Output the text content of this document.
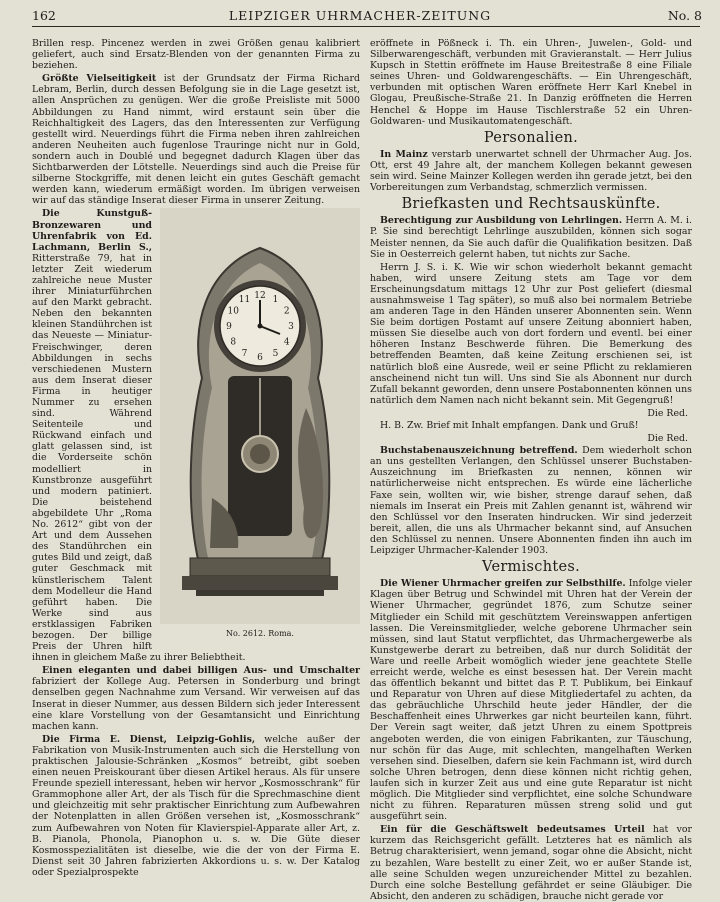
162	LEIPZIGER UHRMACHER-ZEITUNG	No. 8

Brillen resp. Pincenez werden in zwei Größen genau kalibriert geliefert, auch sind Ersatz-Blenden von der genannten Firma zu beziehen.

Größte Vielseitigkeit ist der Grundsatz der Firma Richard Lebram, Berlin, durch dessen Befolgung sie in die Lage gesetzt ist, allen Ansprüchen zu genügen. Wer die große Preisliste mit 5000 Abbildungen zu Hand nimmt, wird erstaunt sein über die Reichhaltigkeit des Lagers, das den Interessenten zur Verfügung gestellt wird. Neuerdings führt die Firma neben ihren zahlreichen anderen Neuheiten auch fugenlose Trauringe nicht nur in Gold, sondern auch in Doublé und begegnet dadurch Klagen über das Sichtbarwerden der Lötstelle. Neuerdings sind auch die Preise für silberne Stockgriffe, mit denen leicht ein gutes Geschäft gemacht werden kann, wiederum ermäßigt worden. Im übrigen verweisen wir auf das ständige Inserat dieser Firma in unserer Zeitung.

12 1
2
3
4
5
6
7
8
9
10
11
No. 2612. Roma.

Die Kunstguß-Bronzewaren und Uhrenfabrik von Ed. Lachmann, Berlin S., Ritterstraße 79, hat in letzter Zeit wiederum zahlreiche neue Muster ihrer Miniaturführchen auf den Markt gebracht. Neben den bekannten kleinen Standührchen ist das Neueste — Miniatur-Freischwinger, deren Abbildungen in sechs verschiedenen Mustern aus dem Inserat dieser Firma in heutiger Nummer zu ersehen sind. Während Seitenteile und Rückwand einfach und glatt gelassen sind, ist die Vorderseite schön modelliert in Kunstbronze ausgeführt und modern patiniert. Die beistehend abgebildete Uhr „Roma No. 2612“ gibt von der Art und dem Aussehen des Standührchen ein gutes Bild und zeigt, daß guter Geschmack mit künstlerischem Talent dem Modelleur die Hand geführt haben. Die Werke sind aus erstklassigen Fabriken bezogen. Der billige Preis der Uhren hilft ihnen in gleichem Maße zu ihrer Beliebtheit.

Einen eleganten und dabei billigen Aus- und Umschalter fabriziert der Kollege Aug. Petersen in Sonderburg und bringt denselben gegen Nachnahme zum Versand. Wir verweisen auf das Inserat in dieser Nummer, aus dessen Bildern sich jeder Interessent eine klare Vorstellung von der Gesamtansicht und Einrichtung machen kann.

Die Firma E. Dienst, Leipzig-Gohlis, welche außer der Fabrikation von Musik-Instrumenten auch sich die Herstellung von praktischen Jalousie-Schränken „Kosmos“ betreibt, gibt soeben einen neuen Preiskourant über diesen Artikel heraus. Als für unsere Freunde speziell interessant, heben wir hervor „Kosmosschrank“ für Grammophone aller Art, der als Tisch für die Sprechmaschine dient und gleichzeitig mit sehr praktischer Einrichtung zum Aufbewahren der Notenplatten in allen Größen versehen ist, „Kosmosschrank“ zum Aufbewahren von Noten für Klavierspiel-Apparate aller Art, z. B. Pianola, Phonola, Pianophon u. s. w. Die Güte dieser Kosmosspezialitäten ist dieselbe, wie die der von der Firma E. Dienst seit 30 Jahren fabrizierten Akkordions u. s. w. Der Katalog oder Spezialprospekte

eröffnete in Pößneck i. Th. ein Uhren-, Juwelen-, Gold- und Silberwarengeschäft, verbunden mit Gravieranstalt. — Herr Julius Kupsch in Stettin eröffnete im Hause Breitestraße 8 eine Filiale seines Uhren- und Goldwarengeschäfts. — Ein Uhrengeschäft, verbunden mit optischen Waren eröffnete Herr Karl Knebel in Glogau, Preußische-Straße 21. In Danzig eröffneten die Herren Henchel & Hoppe im Hause Tischlerstraße 52 ein Uhren-Goldwaren- und Musikautomatengeschäft.

Personalien.

In Mainz verstarb unerwartet schnell der Uhrmacher Aug. Jos. Ott, erst 49 Jahre alt, der manchem Kollegen bekannt gewesen sein wird. Seine Mainzer Kollegen werden ihn gerade jetzt, bei den Vorbereitungen zum Verbandstag, schmerzlich vermissen.

Briefkasten und Rechtsauskünfte.

Berechtigung zur Ausbildung von Lehrlingen. Herrn A. M. i. P. Sie sind berechtigt Lehrlinge auszubilden, können sich sogar Meister nennen, da Sie auch dafür die Qualifikation besitzen. Daß Sie in Oesterreich gelernt haben, tut nichts zur Sache.

Herrn J. S. i. K. Wie wir schon wiederholt bekannt gemacht haben, wird unsere Zeitung stets am Tage vor dem Erscheinungsdatum mittags 12 Uhr zur Post geliefert (diesmal ausnahmsweise 1 Tag später), so muß also bei normalem Betriebe am anderen Tage in den Händen unserer Abonnenten sein. Wenn Sie beim dortigen Postamt auf unsere Zeitung abonniert haben, müssen Sie dieselbe auch von dort fordern und eventl. bei einer höheren Instanz Beschwerde führen. Die Bemerkung des betreffenden Beamten, daß keine Zeitung erschienen sei, ist natürlich bloß eine Ausrede, weil er seine Pflicht zu reklamieren anscheinend nicht tun will. Uns sind Sie als Abonnent nur durch Zufall bekannt geworden, denn unsere Postabonnenten können uns natürlich dem Namen nach nicht bekannt sein. Mit Gegengruß!

Die Red.

H. B. Zw. Brief mit Inhalt empfangen. Dank und Gruß!

Die Red.

Buchstabenauszeichnung betreffend. Dem wiederholt schon an uns gestellten Verlangen, den Schlüssel unserer Buchstaben-Auszeichnung im Briefkasten zu nennen, können wir natürlicherweise nicht entsprechen. Es würde eine lächerliche Faxe sein, wollten wir, wie bisher, strenge darauf sehen, daß niemals im Inserat ein Preis mit Zahlen genannt ist, während wir den Schlüssel vor den Inseraten hindrucken. Wir sind jederzeit bereit, allen, die uns als Uhrmacher bekannt sind, auf Ansuchen den Schlüssel zu nennen. Unsere Abonnenten finden ihn auch im Leipziger Uhrmacher-Kalender 1903.

Vermischtes.

Die Wiener Uhrmacher greifen zur Selbsthilfe. Infolge vieler Klagen über Betrug und Schwindel mit Uhren hat der Verein der Wiener Uhrmacher, gegründet 1876, zum Schutze seiner Mitglieder ein Schild mit geschütztem Vereinswappen anfertigen lassen. Die Vereinsmitglieder, welche geborene Uhrmacher sein müssen, sind laut Statut verpflichtet, das Uhrmachergewerbe als Kunstgewerbe derart zu betreiben, daß nur durch Solidität der Ware und reelle Arbeit womöglich wieder jene geachtete Stelle erreicht werde, welche es einst besessen hat. Der Verein macht das öffentlich bekannt und bittet das P. T. Publikum, bei Einkauf und Reparatur von Uhren auf diese Mitgliedertafel zu achten, da das gebräuchliche Uhrschild heute jeder Händler, der die Beschaffenheit eines Uhrwerkes gar nicht beurteilen kann, führt. Der Verein sagt weiter, daß jetzt Uhren zu einem Spottpreis angeboten werden, die von einigen Fabrikanten, zur Täuschung, nur schön für das Auge, mit schlechten, mangelhaften Werken versehen sind. Dieselben, dafern sie kein Fachmann ist, wird durch solche Uhren betrogen, denn diese können nicht richtig gehen, laufen sich in kurzer Zeit aus und eine gute Reparatur ist nicht möglich. Die Mitglieder sind verpflichtet, eine solche Schundware nicht zu führen. Reparaturen müssen streng solid und gut ausgeführt sein.

Ein für die Geschäftswelt bedeutsames Urteil hat vor kurzem das Reichsgericht gefällt. Letzteres hat es nämlich als Betrug charakterisiert, wenn jemand, sogar ohne die Absicht, nicht zu bezahlen, Ware bestellt zu einer Zeit, wo er außer Stande ist, alle seine Schulden wegen unzureichender Mittel zu bezahlen. Durch eine solche Bestellung gefährdet er seine Gläubiger. Die Absicht, den anderen zu schädigen, brauche nicht gerade vor
